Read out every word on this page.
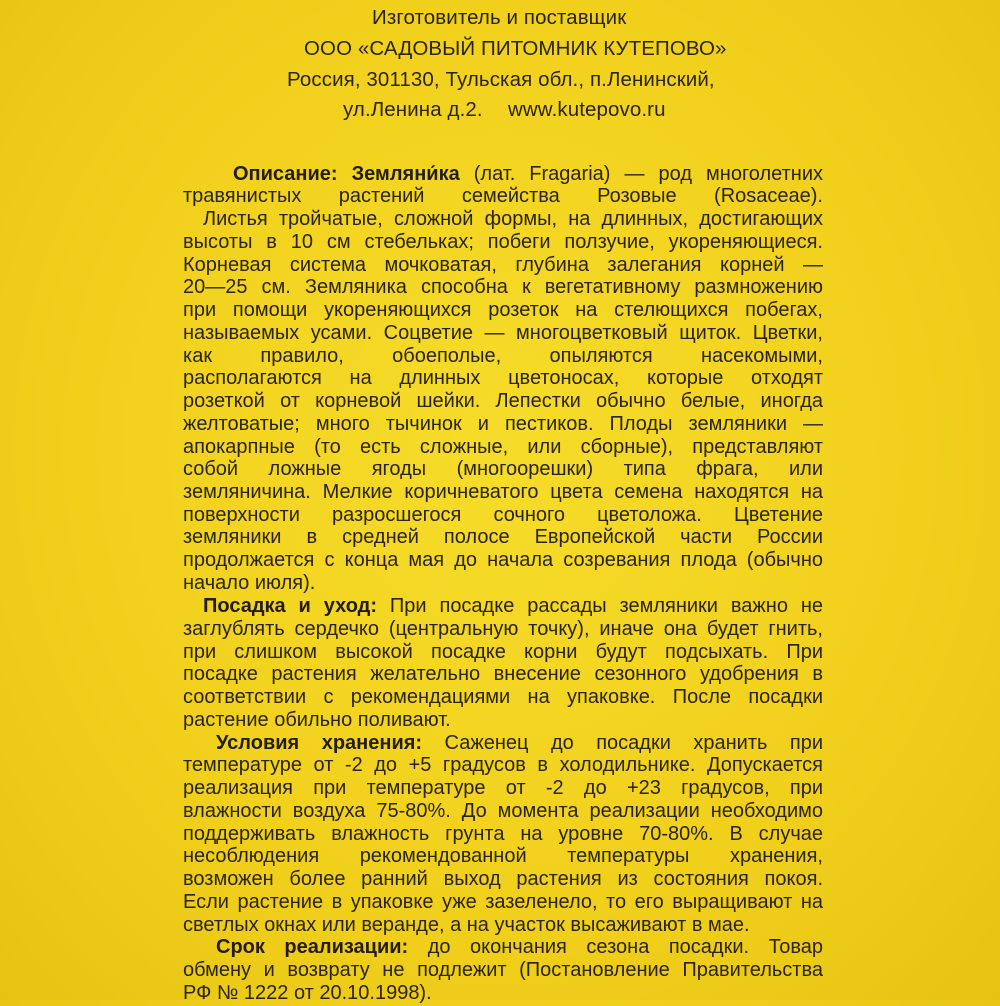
Изготовитель и поставщик
ООО «САДОВЫЙ ПИТОМНИК КУТЕПОВО»
Россия, 301130, Тульская обл., п.Ленинский,
ул.Ленина д.2. www.kutepovo.ru
Описание: Земляни́ка (лат. Fragaria) — род многолетних
травянистых растений семейства Розовые (Rosaceae).
Листья тройчатые, сложной формы, на длинных, достигающих
высоты в 10 см стебельках; побеги ползучие, укореняющиеся.
Корневая система мочковатая, глубина залегания корней —
20—25 см. Земляника способна к вегетативному размножению
при помощи укореняющихся розеток на стелющихся побегах,
называемых усами. Соцветие — многоцветковый щиток. Цветки,
как правило, обоеполые, опыляются насекомыми,
располагаются на длинных цветоносах, которые отходят
розеткой от корневой шейки. Лепестки обычно белые, иногда
желтоватые; много тычинок и пестиков. Плоды земляники —
апокарпные (то есть сложные, или сборные), представляют
собой ложные ягоды (многоорешки) типа фрага, или
земляничина. Мелкие коричневатого цвета семена находятся на
поверхности разросшегося сочного цветоложа. Цветение
земляники в средней полосе Европейской части России
продолжается с конца мая до начала созревания плода (обычно
начало июля).
Посадка и уход: При посадке рассады земляники важно не
заглублять сердечко (центральную точку), иначе она будет гнить,
при слишком высокой посадке корни будут подсыхать. При
посадке растения желательно внесение сезонного удобрения в
соответствии с рекомендациями на упаковке. После посадки
растение обильно поливают.
Условия хранения: Саженец до посадки хранить при
температуре от -2 до +5 градусов в холодильнике. Допускается
реализация при температуре от -2 до +23 градусов, при
влажности воздуха 75-80%. До момента реализации необходимо
поддерживать влажность грунта на уровне 70-80%. В случае
несоблюдения рекомендованной температуры хранения,
возможен более ранний выход растения из состояния покоя.
Если растение в упаковке уже зазеленело, то его выращивают на
светлых окнах или веранде, а на участок высаживают в мае.
Срок реализации: до окончания сезона посадки. Товар
обмену и возврату не подлежит (Постановление Правительства
РФ № 1222 от 20.10.1998).
